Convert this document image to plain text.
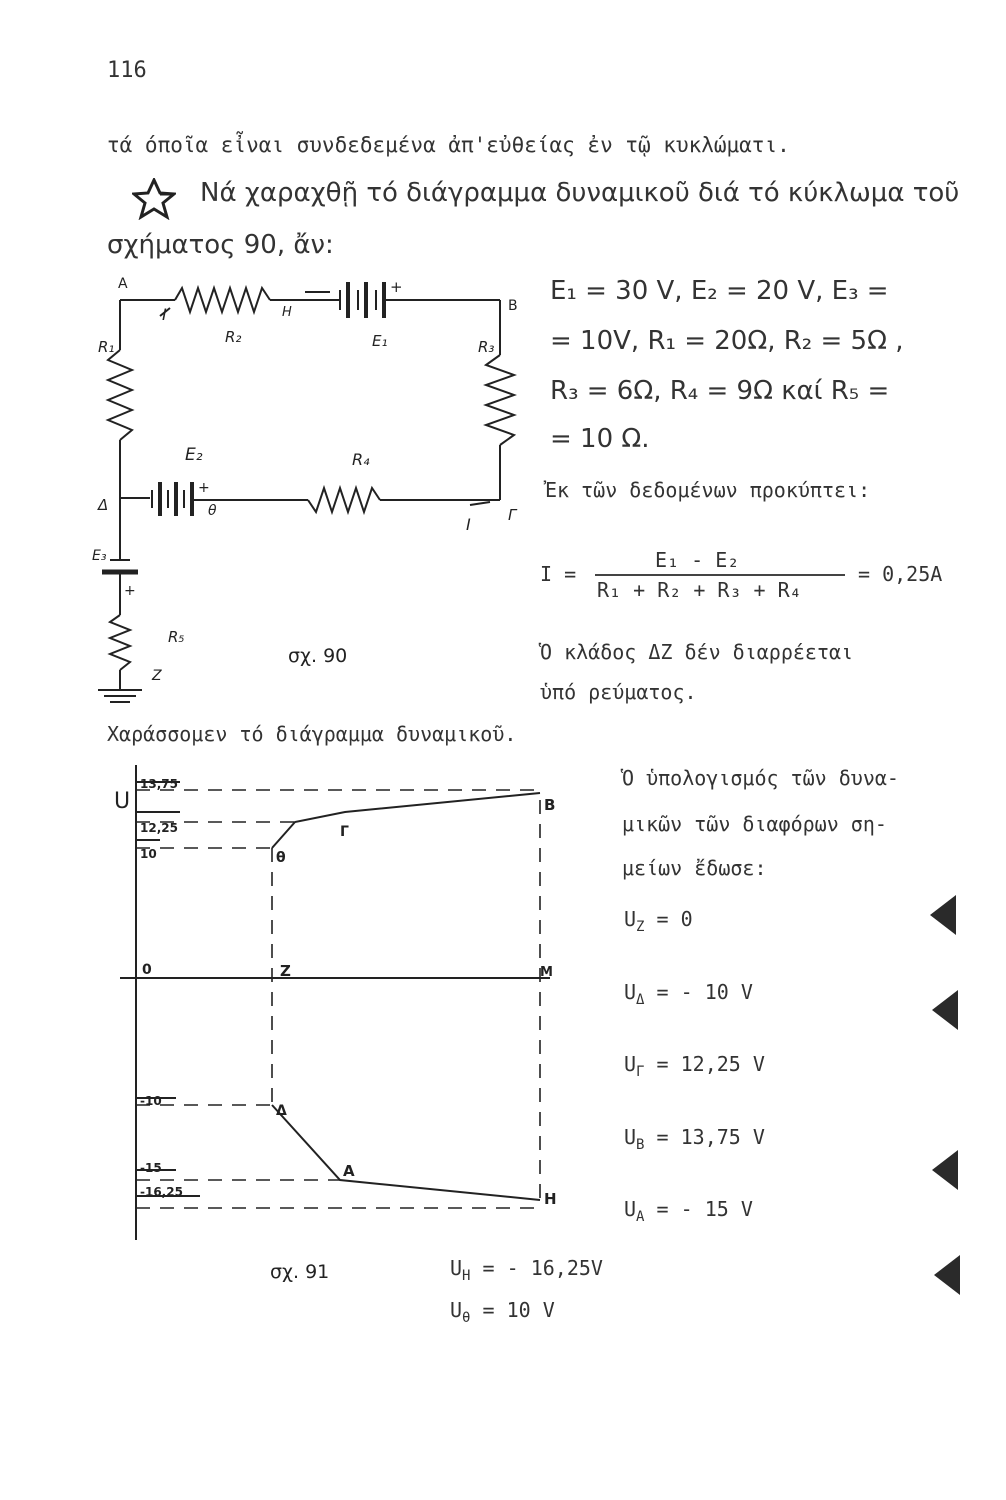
116
τά όποῖα εἶναι συνδεδεμένα ἀπ'εὐθείας ἐν τῷ κυκλώματι.
Νά χαραχθῇ τό διάγραμμα δυναμικοῦ διά τό κύκλωμα τοῦ
σχήματος 90, ἄν:
E₁ = 30 V, E₂ = 20 V, E₃ =
= 10V, R₁ = 20Ω, R₂ = 5Ω ,
R₃ = 6Ω, R₄ = 9Ω καί R₅ =
= 10 Ω.
Ἐκ τῶν δεδομένων προκύπτει:
I =
E₁ - E₂
R₁ + R₂ + R₃ + R₄
= 0,25A
Ὁ κλάδος ΔΖ δέν διαρρέεται
ὑπό ρεύματος.
Χαράσσομεν τό διάγραμμα δυναμικοῦ.
Ὁ ὑπολογισμός τῶν δυνα-
μικῶν τῶν διαφόρων ση-
μείων ἔδωσε:
$U_Z = 0$
$U_\Delta$ = - 10 V
$U_\Gamma = 12,25$ V
$U_B = 13,75$ V
$U_A$ = - 15 V
$U_H$ = - 16,25V
$U_\theta = 10$ V
A
B
H
I
R₂	E₁
+
R₁	R₃
E₂	R₄
Δ
+
θ	Γ
I
E₃
+
R₅
Z
σχ. 90
U
13,75
12,25
10
0
-10
-15
-16,25
B
Γ
θ
Z	M
Δ
A
H
σχ. 91
